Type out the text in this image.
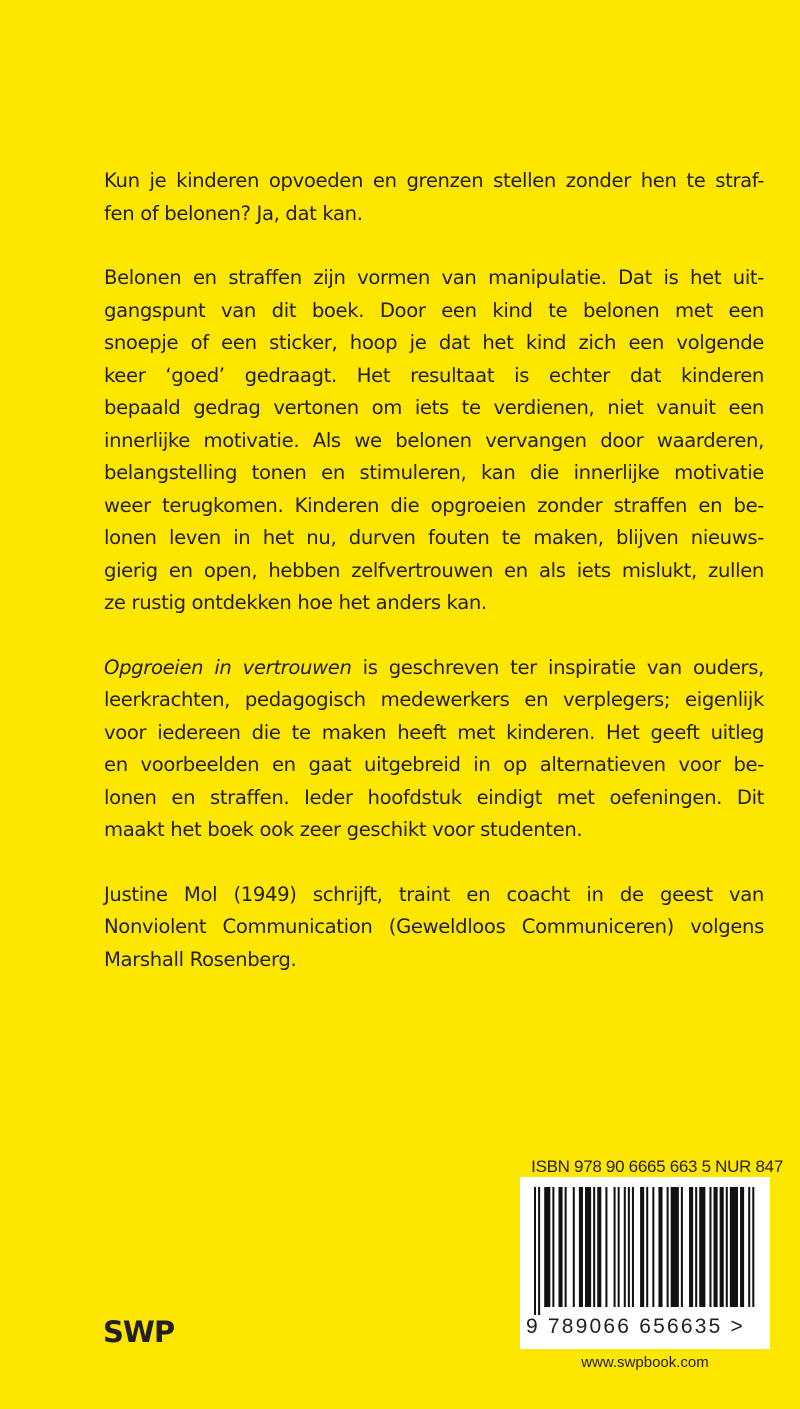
Kun je kinderen opvoeden en grenzen stellen zonder hen te straf-
fen of belonen? Ja, dat kan.

Belonen en straffen zijn vormen van manipulatie. Dat is het uit-
gangspunt van dit boek. Door een kind te belonen met een
snoepje of een sticker, hoop je dat het kind zich een volgende
keer ‘goed’ gedraagt. Het resultaat is echter dat kinderen
bepaald gedrag vertonen om iets te verdienen, niet vanuit een
innerlijke motivatie. Als we belonen vervangen door waarderen,
belangstelling tonen en stimuleren, kan die innerlijke motivatie
weer terugkomen. Kinderen die opgroeien zonder straffen en be-
lonen leven in het nu, durven fouten te maken, blijven nieuws-
gierig en open, hebben zelfvertrouwen en als iets mislukt, zullen
ze rustig ontdekken hoe het anders kan.

Opgroeien in vertrouwen is geschreven ter inspiratie van ouders,
leerkrachten, pedagogisch medewerkers en verplegers; eigenlijk
voor iedereen die te maken heeft met kinderen. Het geeft uitleg
en voorbeelden en gaat uitgebreid in op alternatieven voor be-
lonen en straffen. Ieder hoofdstuk eindigt met oefeningen. Dit
maakt het boek ook zeer geschikt voor studenten.

Justine Mol (1949) schrijft, traint en coacht in de geest van
Nonviolent Communication (Geweldloos Communiceren) volgens
Marshall Rosenberg.

ISBN 978 90 6665 663 5 NUR 847
9 789066 656635 >
www.swpbook.com
SWP
